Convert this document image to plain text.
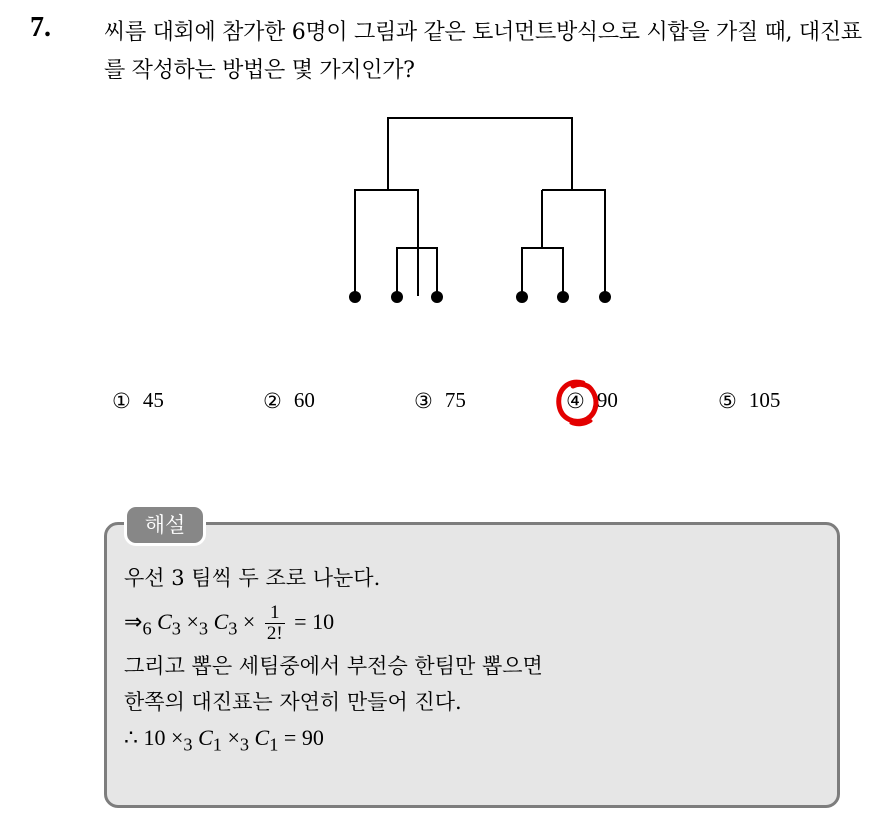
7. 씨름 대회에 참가한 6명이 그림과 같은 토너먼트방식으로 시합을 가질 때, 대진표를 작성하는 방법은 몇 가지인가?
① 45	② 60	③ 75	④ 90	⑤ 105
해설
우선 3 팀씩 두 조로 나눈다.
$\Rightarrow_6$ $C_3 \times_3$ $C_3 \times \frac{1}{2!} = 10$
그리고 뽑은 세팀중에서 부전승 한팀만 뽑으면
한쪽의 대진표는 자연히 만들어 진다.
∴ $10 \times_3$ $C_1 \times_3$ $C_1 = 90$
